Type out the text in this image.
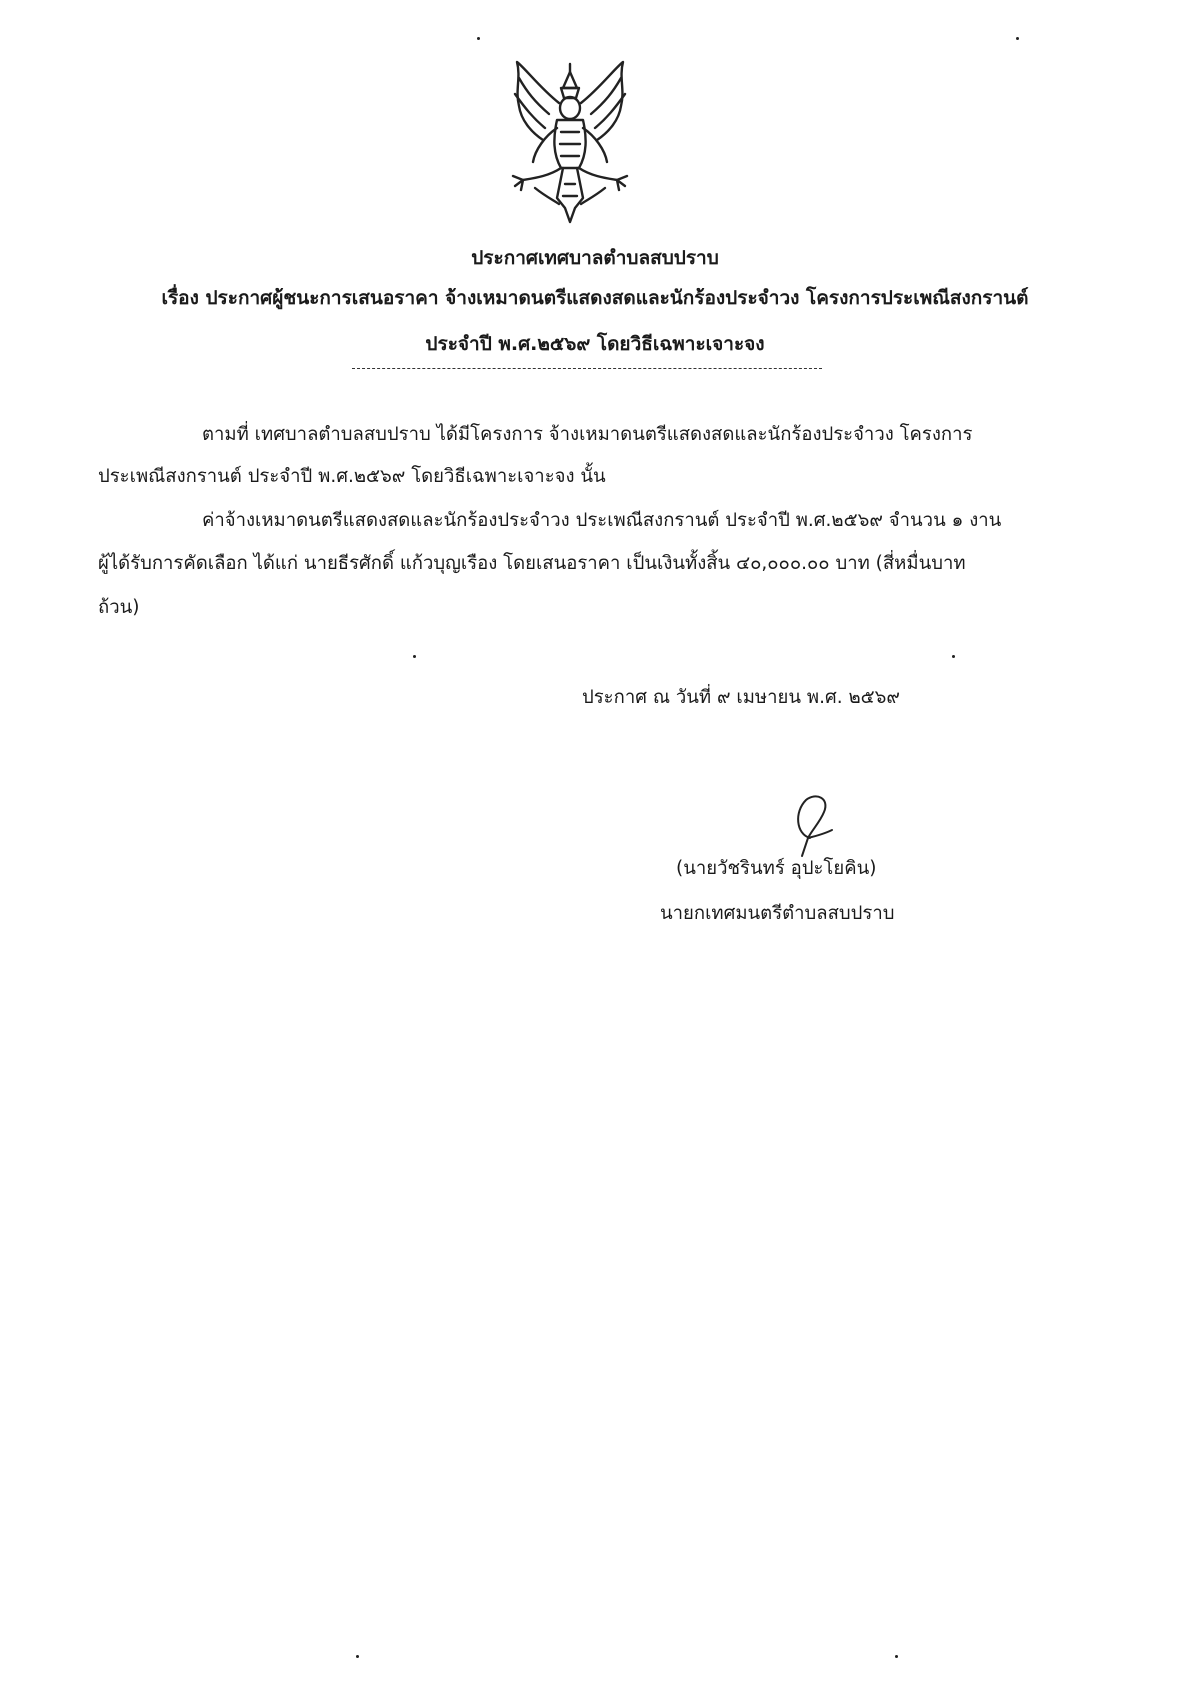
ประกาศเทศบาลตำบลสบปราบ
เรื่อง ประกาศผู้ชนะการเสนอราคา จ้างเหมาดนตรีแสดงสดและนักร้องประจำวง โครงการประเพณีสงกรานต์
ประจำปี พ.ศ.๒๕๖๙ โดยวิธีเฉพาะเจาะจง
ตามที่ เทศบาลตำบลสบปราบ ได้มีโครงการ จ้างเหมาดนตรีแสดงสดและนักร้องประจำวง โครงการ
ประเพณีสงกรานต์ ประจำปี พ.ศ.๒๕๖๙ โดยวิธีเฉพาะเจาะจง นั้น
ค่าจ้างเหมาดนตรีแสดงสดและนักร้องประจำวง ประเพณีสงกรานต์ ประจำปี พ.ศ.๒๕๖๙ จำนวน ๑ งาน
ผู้ได้รับการคัดเลือก ได้แก่ นายธีรศักดิ์ แก้วบุญเรือง โดยเสนอราคา เป็นเงินทั้งสิ้น ๔๐,๐๐๐.๐๐ บาท (สี่หมื่นบาท
ถ้วน)
ประกาศ ณ วันที่ ๙ เมษายน พ.ศ. ๒๕๖๙
(นายวัชรินทร์ อุปะโยคิน)
นายกเทศมนตรีตำบลสบปราบ
